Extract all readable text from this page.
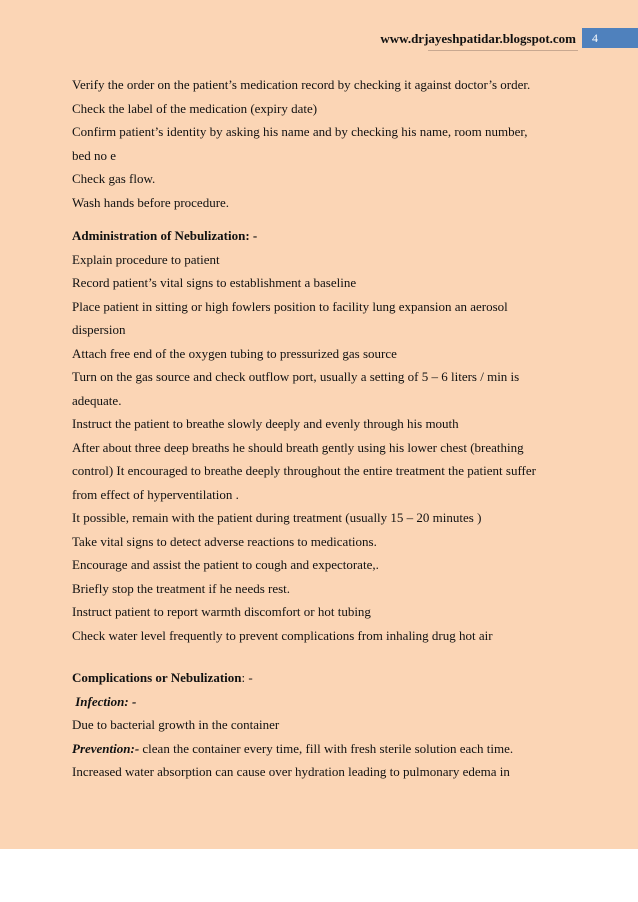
www.drjayeshpatidar.blogspot.com	4
Verify the order on the patient’s medication record by checking it against doctor’s order.
Check the label of the medication (expiry date)
Confirm patient’s identity by asking his name and by checking his name, room number,
bed no e
Check gas flow.
Wash hands before procedure.
Administration of Nebulization: -
Explain procedure to patient
Record patient’s vital signs to establishment a baseline
Place patient in sitting or high fowlers position to facility lung expansion an aerosol
dispersion
Attach free end of the oxygen tubing to pressurized gas source
Turn on the gas source and check outflow port, usually a setting of 5 – 6 liters / min is
adequate.
Instruct the patient to breathe slowly deeply and evenly through his mouth
After about three deep breaths he should breath gently using his lower chest (breathing
control) It encouraged to breathe deeply throughout the entire treatment the patient suffer
from effect of hyperventilation .
It possible, remain with the patient during treatment (usually 15 – 20 minutes )
Take vital signs to detect adverse reactions to medications.
Encourage and assist the patient to cough and expectorate,.
Briefly stop the treatment if he needs rest.
Instruct patient to report warmth discomfort or hot tubing
Check water level frequently to prevent complications from inhaling drug hot air
Complications or Nebulization: -
Infection: -
Due to bacterial growth in the container
Prevention:- clean the container every time, fill with fresh sterile solution each time.
Increased water absorption can cause over hydration leading to pulmonary edema in
